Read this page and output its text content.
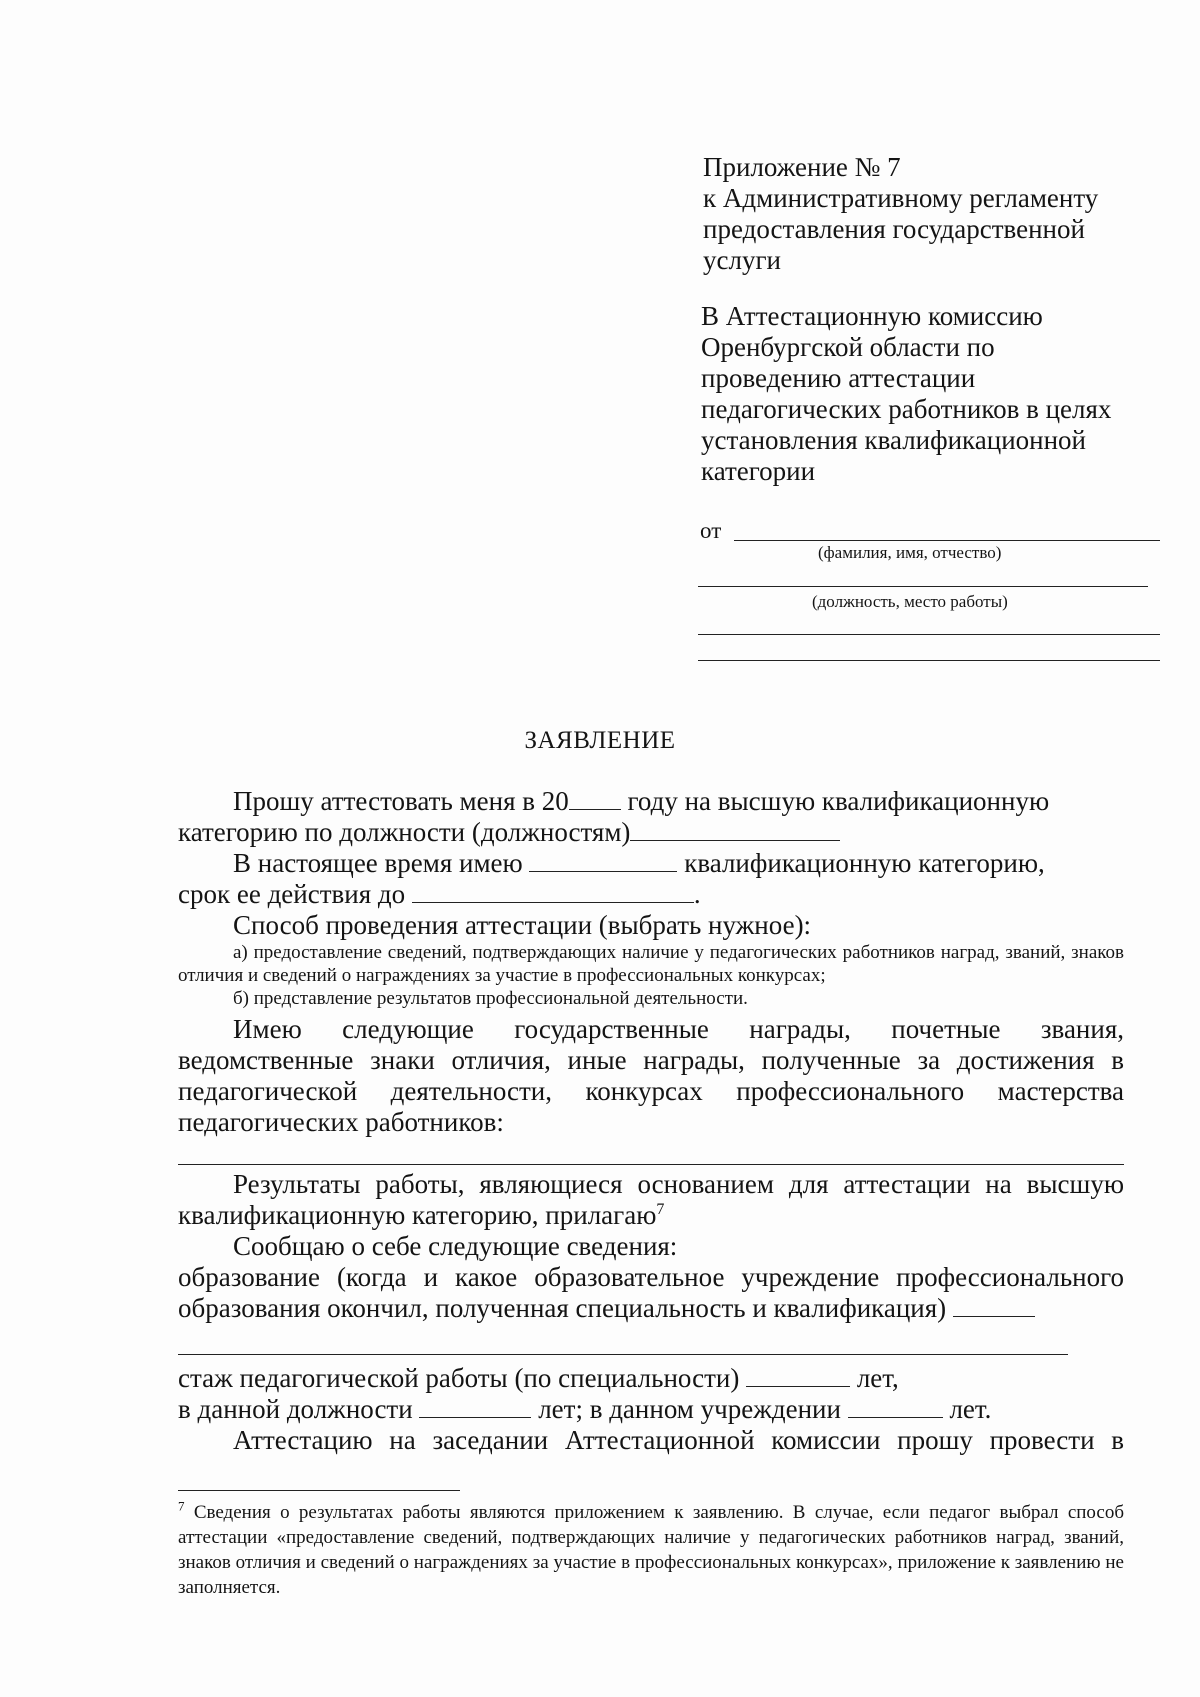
Приложение № 7
к Административному регламенту
предоставления государственной
услуги
В Аттестационную комиссию
Оренбургской области по
проведению аттестации
педагогических работников в целях
установления квалификационной
категории
от
(фамилия, имя, отчество)
(должность, место работы)
ЗАЯВЛЕНИЕ
Прошу аттестовать меня в 20 году на высшую квалификационную
категорию по должности (должностям)
В настоящее время имею	квалификационную категорию,
срок ее действия до	.
Способ проведения аттестации (выбрать нужное):
а) предоставление сведений, подтверждающих наличие у педагогических работников наград, званий, знаков отличия и сведений о награждениях за участие в профессиональных конкурсах;
б) представление результатов профессиональной деятельности.
Имею следующие государственные награды, почетные звания, ведомственные знаки отличия, иные награды, полученные за достижения в педагогической деятельности, конкурсах профессионального мастерства педагогических работников:
Результаты работы, являющиеся основанием для аттестации на высшую квалификационную категорию, прилагаю$^7$
Сообщаю о себе следующие сведения:
образование (когда и какое образовательное учреждение профессионального
образования окончил, полученная специальность и квалификация)
стаж педагогической работы (по специальности)	лет,
в данной должности	лет; в данном учреждении	лет.
Аттестацию на заседании Аттестационной комиссии прошу провести в
$^7$ Сведения о результатах работы являются приложением к заявлению. В случае, если педагог выбрал способ аттестации «предоставление сведений, подтверждающих наличие у педагогических работников наград, званий, знаков отличия и сведений о награждениях за участие в профессиональных конкурсах», приложение к заявлению не заполняется.
